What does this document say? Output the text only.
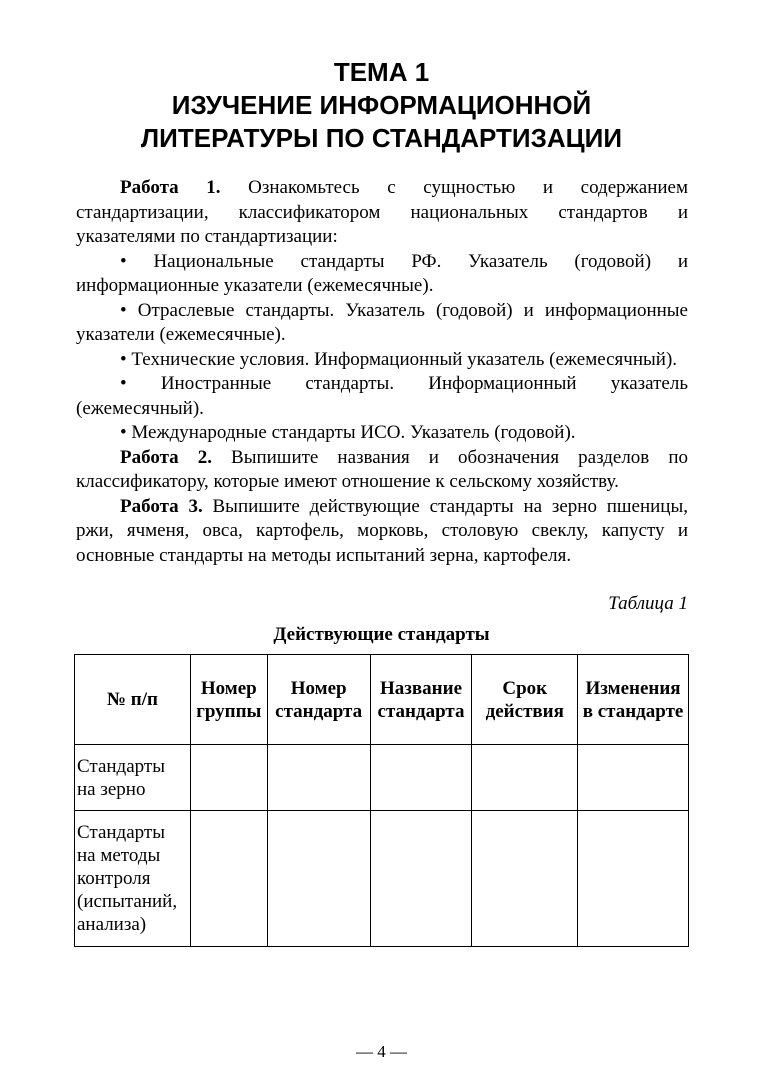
ТЕМА 1
ИЗУЧЕНИЕ ИНФОРМАЦИОННОЙ
ЛИТЕРАТУРЫ ПО СТАНДАРТИЗАЦИИ

Работа 1. Ознакомьтесь с сущностью и содержанием стандартизации, классификатором национальных стандартов и указателями по стандартизации:

• Национальные стандарты РФ. Указатель (годовой) и информационные указатели (ежемесячные).

• Отраслевые стандарты. Указатель (годовой) и информационные указатели (ежемесячные).

• Технические условия. Информационный указатель (ежемесячный).

• Иностранные стандарты. Информационный указатель (ежемесячный).

• Международные стандарты ИСО. Указатель (годовой).

Работа 2. Выпишите названия и обозначения разделов по классификатору, которые имеют отношение к сельскому хозяйству.

Работа 3. Выпишите действующие стандарты на зерно пшеницы, ржи, ячменя, овса, картофель, морковь, столовую свеклу, капусту и основные стандарты на методы испытаний зерна, картофеля.

Таблица 1
Действующие стандарты
№ п/п	Номер группы	Номер стандарта	Название стандарта	Срок действия	Изменения в стандарте
Стандарты на зерно					
Стандарты на методы контроля (испытаний, анализа)					
— 4 —
